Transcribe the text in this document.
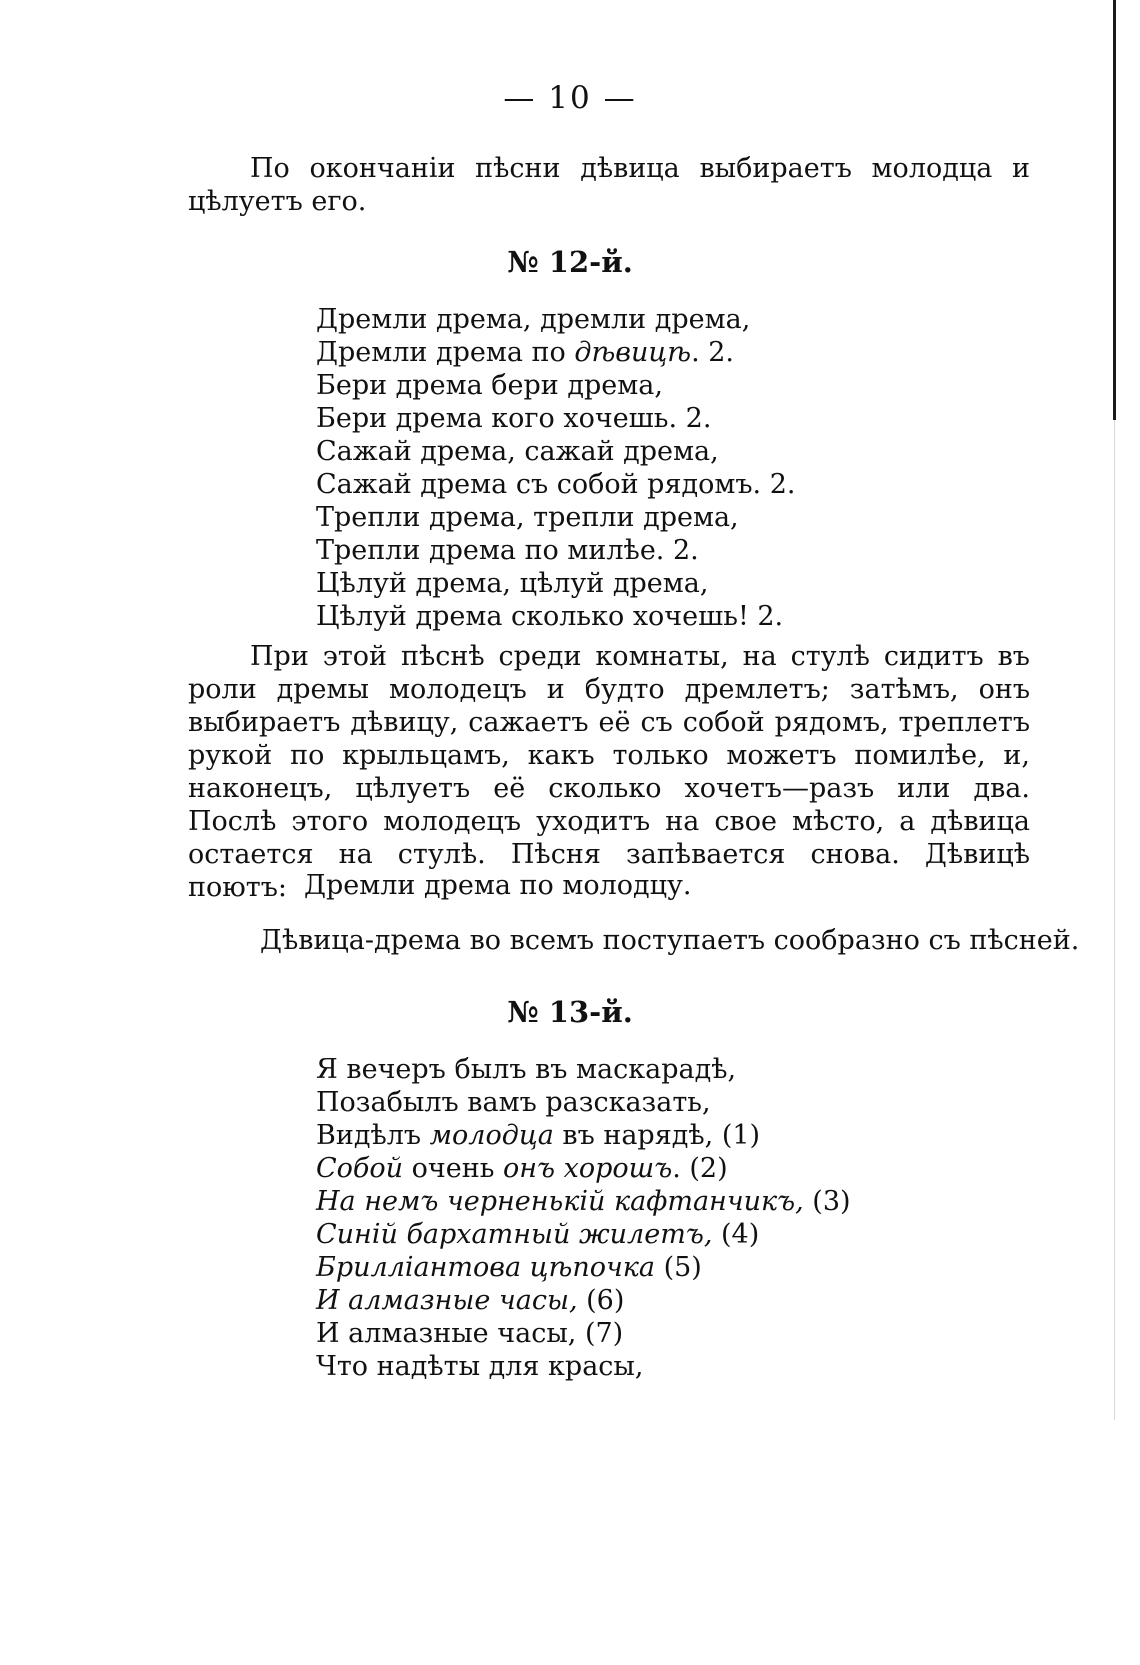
— 10 —

По окончаніи пѣсни дѣвица выбираетъ молодца и цѣлуетъ его.

№ 12-й.
Дремли дрема, дремли дрема,
Дремли дрема по дѣвицѣ. 2.
Бери дрема бери дрема,
Бери дрема кого хочешь. 2.
Сажай дрема, сажай дрема,
Сажай дрема съ собой рядомъ. 2.
Трепли дрема, трепли дрема,
Трепли дрема по милѣе. 2.
Цѣлуй дрема, цѣлуй дрема,
Цѣлуй дрема сколько хочешь! 2.

При этой пѣснѣ среди комнаты, на стулѣ сидитъ въ роли дремы молодецъ и будто дремлетъ; затѣмъ, онъ выбираетъ дѣвицу, сажаетъ её съ собой рядомъ, треплетъ рукой по крыльцамъ, какъ только можетъ помилѣе, и, наконецъ, цѣлуетъ её сколько хочетъ—разъ или два. Послѣ этого молодецъ уходитъ на свое мѣсто, а дѣвица остается на стулѣ. Пѣсня запѣвается снова. Дѣвицѣ поютъ: Дремли дрема по молодцу.

Дѣвица-дрема во всемъ поступаетъ сообразно съ пѣсней.

№ 13-й.
Я вечеръ былъ въ маскарадѣ,
Позабылъ вамъ разсказать,
Видѣлъ молодца въ нарядѣ, (1)
Собой очень онъ хорошъ. (2)
На немъ черненькій кафтанчикъ, (3)
Синій бархатный жилетъ, (4)
Брилліантова цѣпочка (5)
И алмазные часы, (6)
И алмазные часы, (7)
Что надѣты для красы,
